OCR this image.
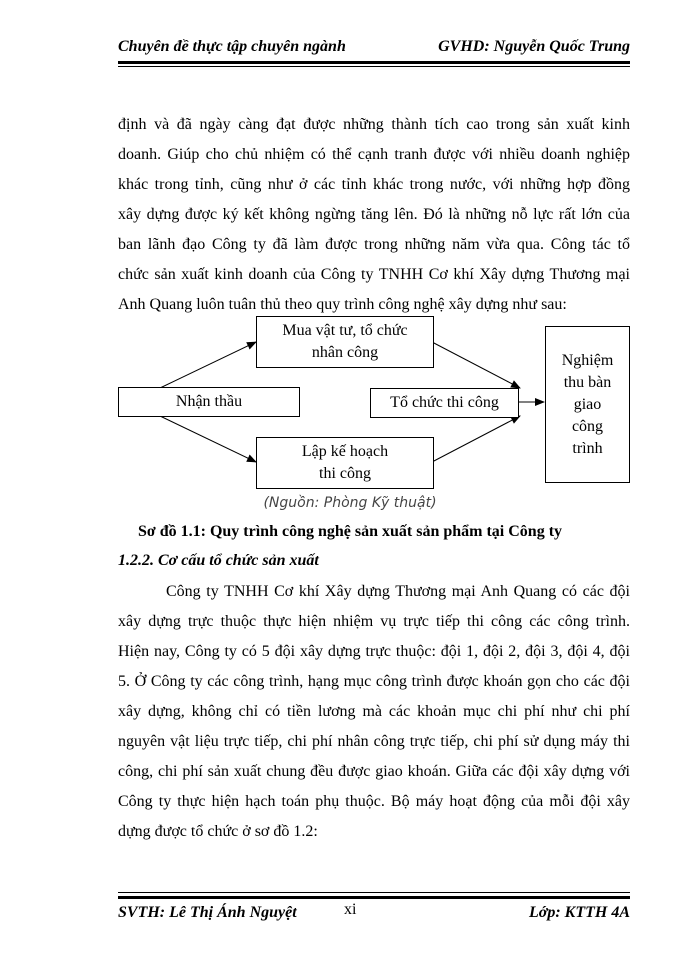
Chuyên đề thực tập chuyên ngành	GVHD: Nguyễn Quốc Trung
định và đã ngày càng đạt được những thành tích cao trong sản xuất kinh
doanh. Giúp cho chủ nhiệm có thể cạnh tranh được với nhiều doanh nghiệp
khác trong tỉnh, cũng như ở các tỉnh khác trong nước, với những hợp đồng
xây dựng được ký kết không ngừng tăng lên. Đó là những nỗ lực rất lớn của
ban lãnh đạo Công ty đã làm được trong những năm vừa qua. Công tác tổ
chức sản xuất kinh doanh của Công ty TNHH Cơ khí Xây dựng Thương mại
Anh Quang luôn tuân thủ theo quy trình công nghệ xây dựng như sau:
Nhận thầu
Mua vật tư, tổ chức
nhân công
Lập kế hoạch
thi công
Tổ chức thi công
Nghiệm
thu bàn
giao
công
trình
(Nguồn: Phòng Kỹ thuật)
Sơ đồ 1.1: Quy trình công nghệ sản xuất sản phẩm tại Công ty
1.2.2. Cơ cấu tổ chức sản xuất
Công ty TNHH Cơ khí Xây dựng Thương mại Anh Quang có các đội
xây dựng trực thuộc thực hiện nhiệm vụ trực tiếp thi công các công trình.
Hiện nay, Công ty có 5 đội xây dựng trực thuộc: đội 1, đội 2, đội 3, đội 4, đội
5. Ở Công ty các công trình, hạng mục công trình được khoán gọn cho các đội
xây dựng, không chỉ có tiền lương mà các khoản mục chi phí như chi phí
nguyên vật liệu trực tiếp, chi phí nhân công trực tiếp, chi phí sử dụng máy thi
công, chi phí sản xuất chung đều được giao khoán. Giữa các đội xây dựng với
Công ty thực hiện hạch toán phụ thuộc. Bộ máy hoạt động của mỗi đội xây
dựng được tổ chức ở sơ đồ 1.2:
SVTH: Lê Thị Ánh Nguyệt	xi	Lớp: KTTH 4A
